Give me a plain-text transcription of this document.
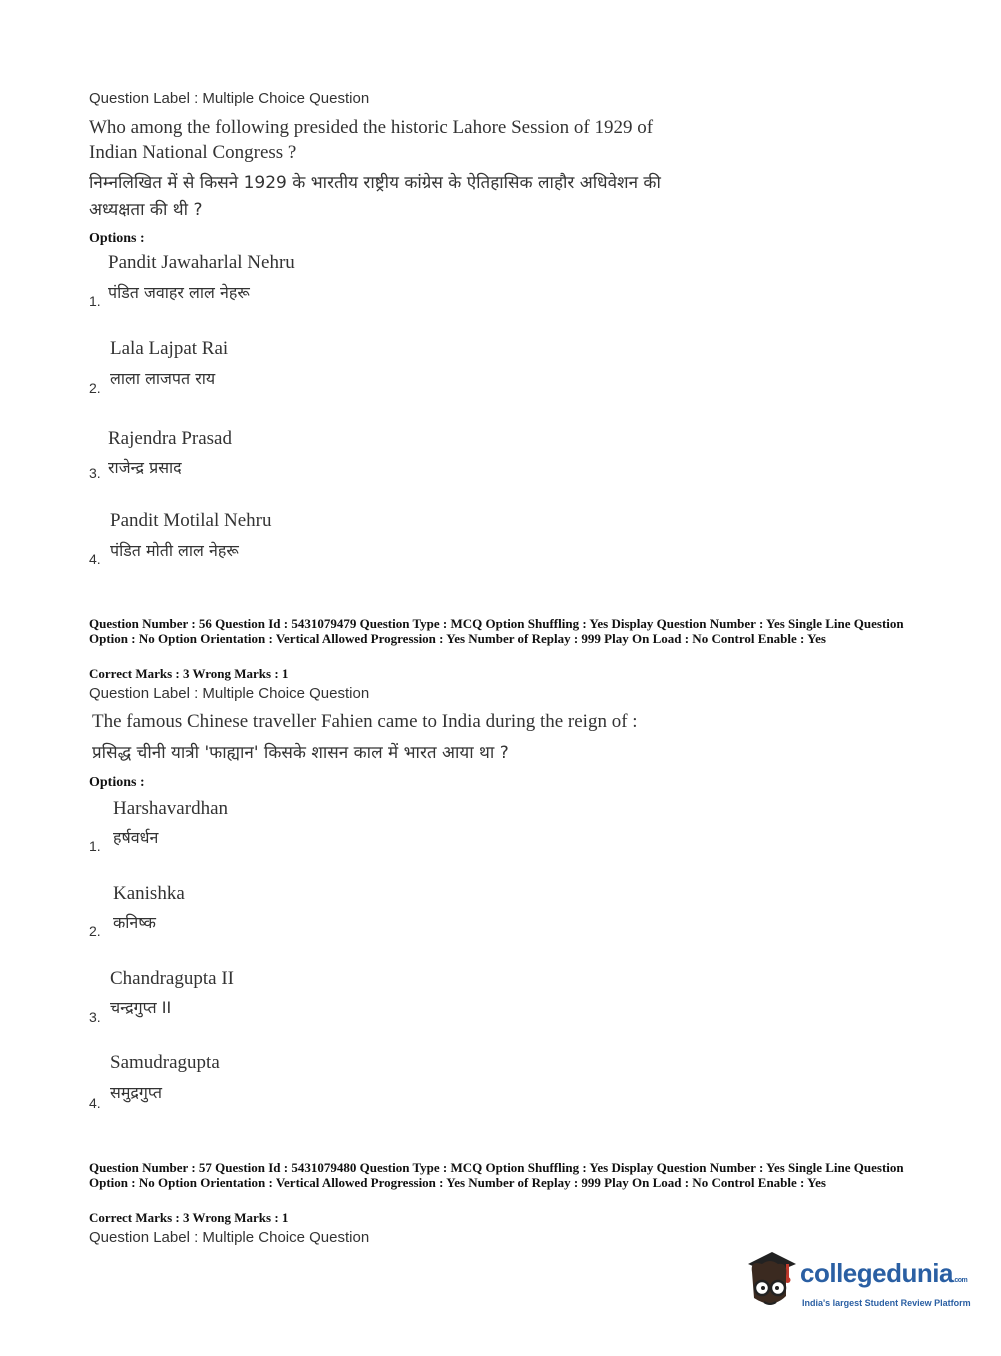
Question Label : Multiple Choice Question
Who among the following presided the historic Lahore Session of 1929 of
Indian National Congress ?
निम्नलिखित में से किसने 1929 के भारतीय राष्ट्रीय कांग्रेस के ऐतिहासिक लाहौर अधिवेशन की
अध्यक्षता की थी ?
Options :
Pandit Jawaharlal Nehru
पंडित जवाहर लाल नेहरू
1.
Lala Lajpat Rai
लाला लाजपत राय
2.
Rajendra Prasad
राजेन्द्र प्रसाद
3.
Pandit Motilal Nehru
पंडित मोती लाल नेहरू
4.
Question Number : 56 Question Id : 5431079479 Question Type : MCQ Option Shuffling : Yes Display Question Number : Yes Single Line Question Option : No Option Orientation : Vertical Allowed Progression : Yes Number of Replay : 999 Play On Load : No Control Enable : Yes
Correct Marks : 3 Wrong Marks : 1
Question Label : Multiple Choice Question
The famous Chinese traveller Fahien came to India during the reign of :
प्रसिद्ध चीनी यात्री 'फाह्यान' किसके शासन काल में भारत आया था ?
Options :
Harshavardhan
हर्षवर्धन
1.
Kanishka
कनिष्क
2.
Chandragupta II
चन्द्रगुप्त II
3.
Samudragupta
समुद्रगुप्त
4.
Question Number : 57 Question Id : 5431079480 Question Type : MCQ Option Shuffling : Yes Display Question Number : Yes Single Line Question Option : No Option Orientation : Vertical Allowed Progression : Yes Number of Replay : 999 Play On Load : No Control Enable : Yes
Correct Marks : 3 Wrong Marks : 1
Question Label : Multiple Choice Question
collegedunia.com
India's largest Student Review Platform
